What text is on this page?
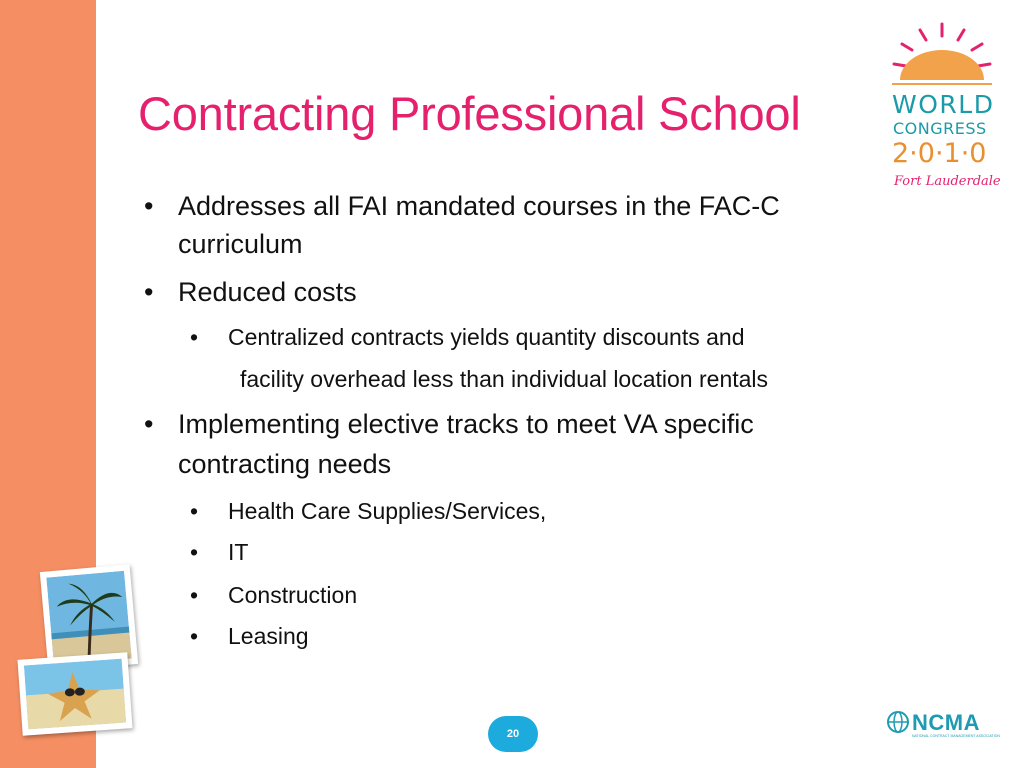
Contracting Professional School
• Addresses all FAI mandated courses in the FAC-C
curriculum
• Reduced costs
• Centralized contracts yields quantity discounts and
facility overhead less than individual location rentals
• Implementing elective tracks to meet VA specific
contracting needs
• Health Care Supplies/Services,
• IT
• Construction
• Leasing
WORLD
CONGRESS
2·0·1·0
Fort Lauderdale
20	NCMA
NATIONAL CONTRACT MANAGEMENT ASSOCIATION
